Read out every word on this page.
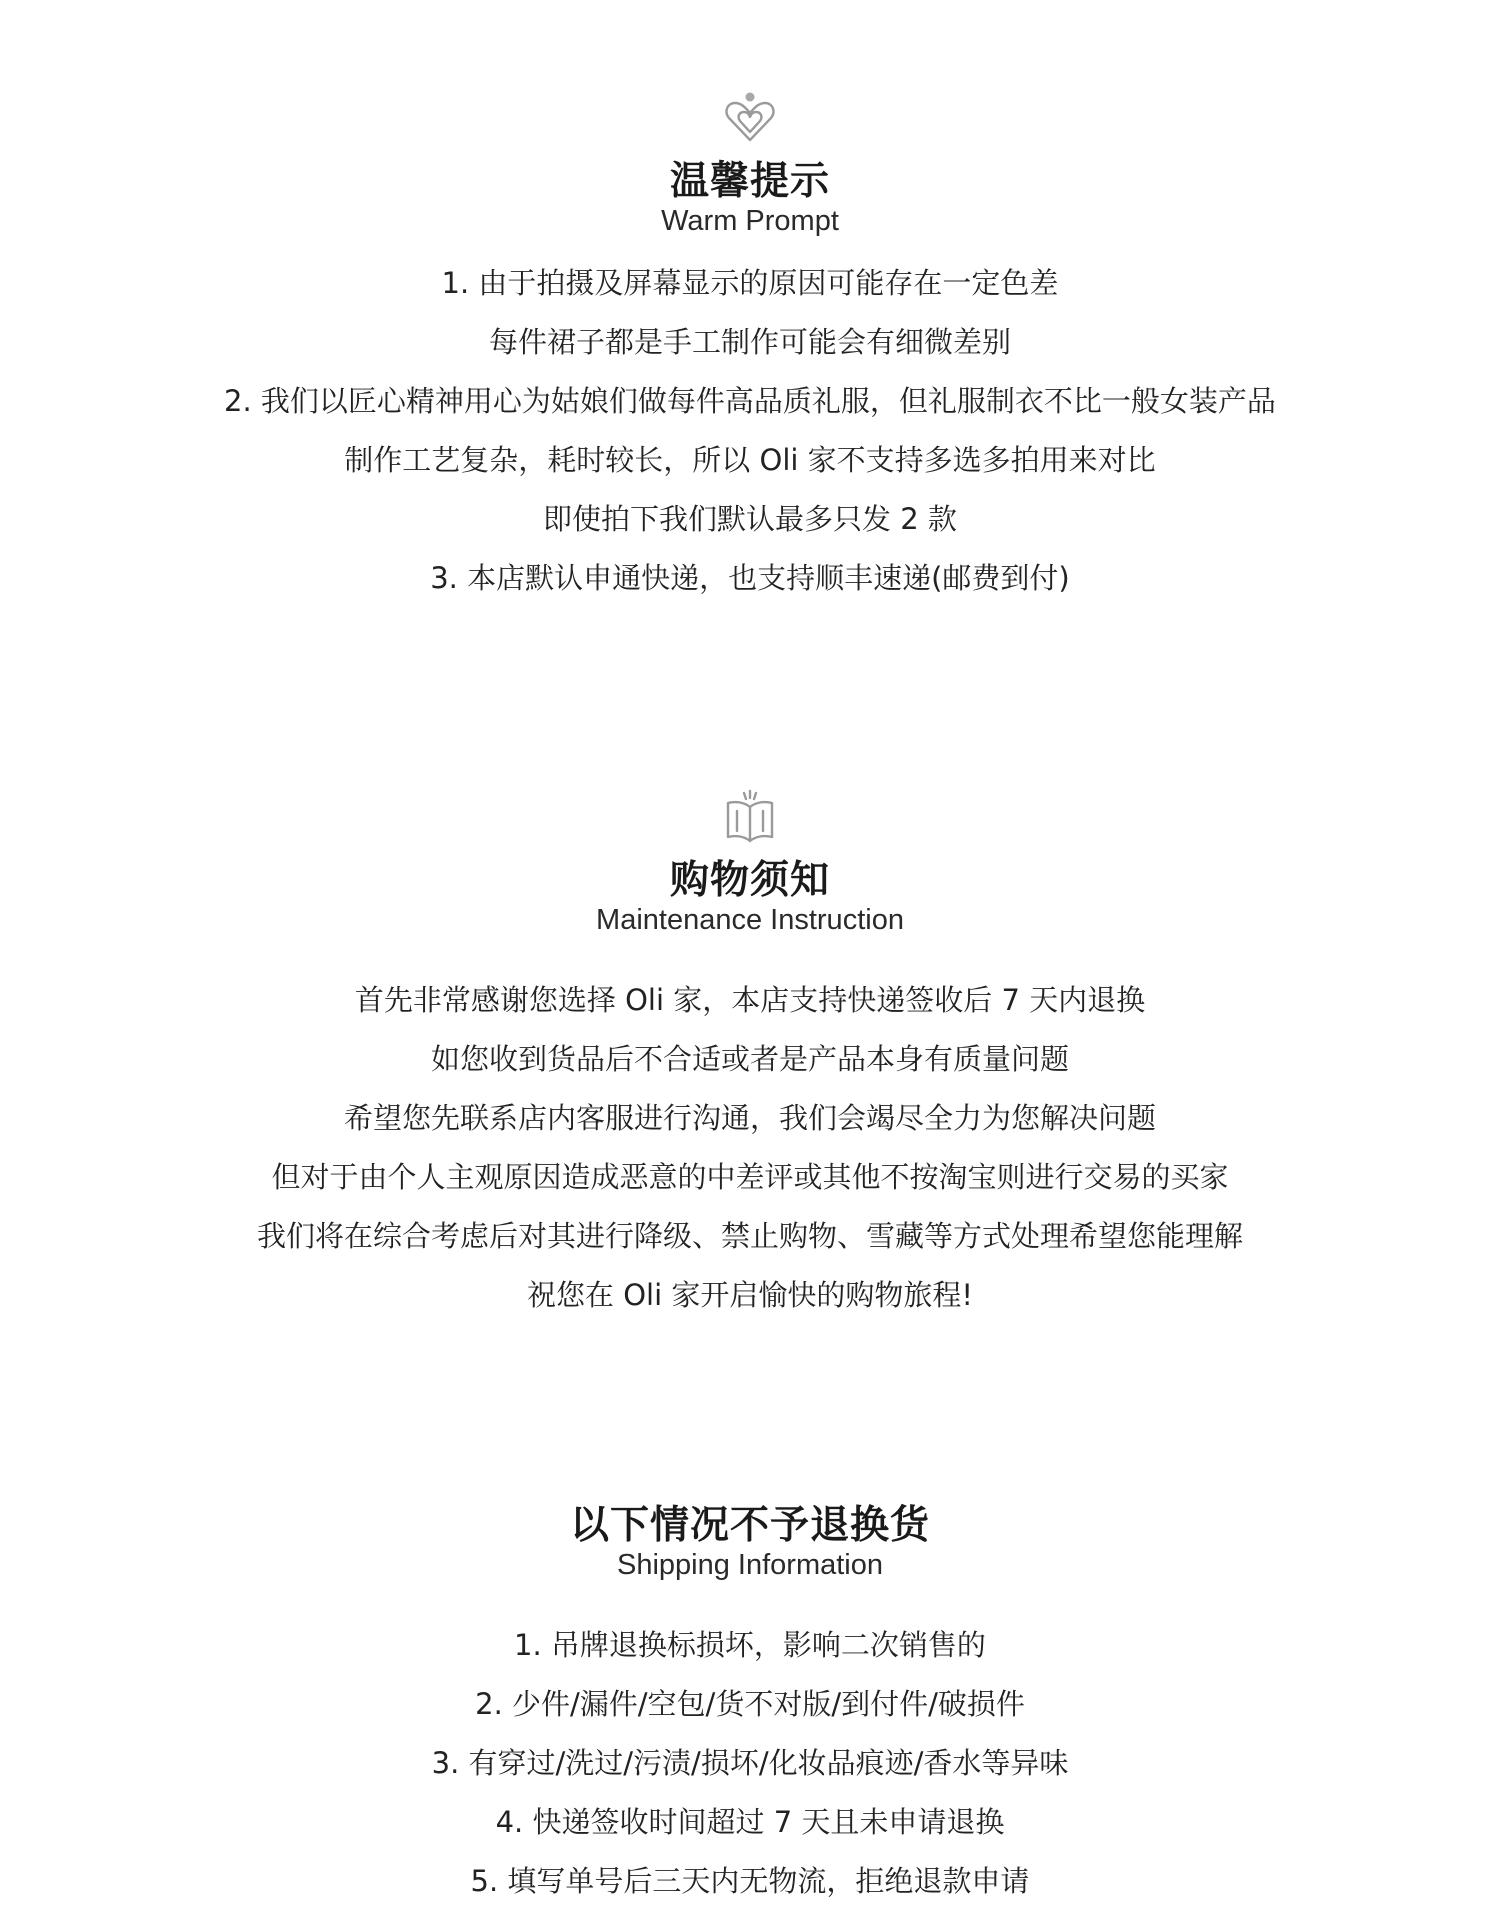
温馨提示

Warm Prompt

1. 由于拍摄及屏幕显示的原因可能存在一定色差
每件裙子都是手工制作可能会有细微差别
2. 我们以匠心精神用心为姑娘们做每件高品质礼服，但礼服制衣不比一般女装产品
制作工艺复杂，耗时较长，所以 Oli 家不支持多选多拍用来对比
即使拍下我们默认最多只发 2 款
3. 本店默认申通快递，也支持顺丰速递(邮费到付)
购物须知

Maintenance Instruction

首先非常感谢您选择 Oli 家，本店支持快递签收后 7 天内退换
如您收到货品后不合适或者是产品本身有质量问题
希望您先联系店内客服进行沟通，我们会竭尽全力为您解决问题
但对于由个人主观原因造成恶意的中差评或其他不按淘宝则进行交易的买家
我们将在综合考虑后对其进行降级、禁止购物、雪藏等方式处理希望您能理解
祝您在 Oli 家开启愉快的购物旅程!
以下情况不予退换货

Shipping Information

1. 吊牌退换标损坏，影响二次销售的
2. 少件/漏件/空包/货不对版/到付件/破损件
3. 有穿过/洗过/污渍/损坏/化妆品痕迹/香水等异味
4. 快递签收时间超过 7 天且未申请退换
5. 填写单号后三天内无物流，拒绝退款申请
